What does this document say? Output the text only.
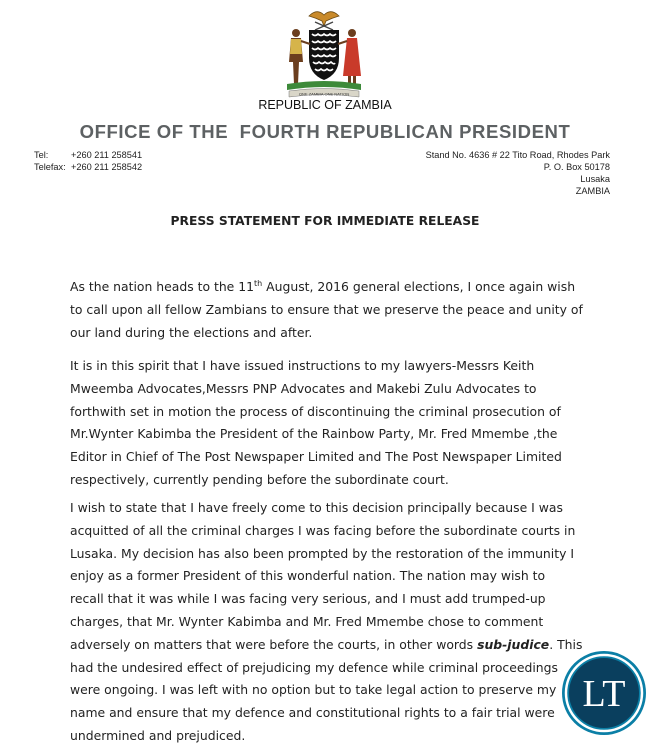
ONE ZAMBIA ONE NATION
REPUBLIC OF ZAMBIA
OFFICE OF THE  FOURTH REPUBLICAN PRESIDENT
Tel: +260 211 258541
Telefax: +260 211 258542
Stand No. 4636 # 22 Tito Road, Rhodes Park
P. O. Box 50178
Lusaka
ZAMBIA
PRESS STATEMENT FOR IMMEDIATE RELEASE
As the nation heads to the 11th August, 2016 general elections, I once again wish
to call upon all fellow Zambians to ensure that we preserve the peace and unity of
our land during the elections and after.
It is in this spirit that I have issued instructions to my lawyers-Messrs Keith
Mweemba Advocates,Messrs PNP Advocates and Makebi Zulu Advocates to
forthwith set in motion the process of discontinuing the criminal prosecution of
Mr.Wynter Kabimba the President of the Rainbow Party, Mr. Fred Mmembe ,the
Editor in Chief of The Post Newspaper Limited and The Post Newspaper Limited
respectively, currently pending before the subordinate court.
I wish to state that I have freely come to this decision principally because I was
acquitted of all the criminal charges I was facing before the subordinate courts in
Lusaka. My decision has also been prompted by the restoration of the immunity I
enjoy as a former President of this wonderful nation. The nation may wish to
recall that it was while I was facing very serious, and I must add trumped-up
charges, that Mr. Wynter Kabimba and Mr. Fred Mmembe chose to comment
adversely on matters that were before the courts, in other words sub-judice. This
had the undesired effect of prejudicing my defence while criminal proceedings
were ongoing. I was left with no option but to take legal action to preserve my
name and ensure that my defence and constitutional rights to a fair trial were
undermined and prejudiced.
LT
